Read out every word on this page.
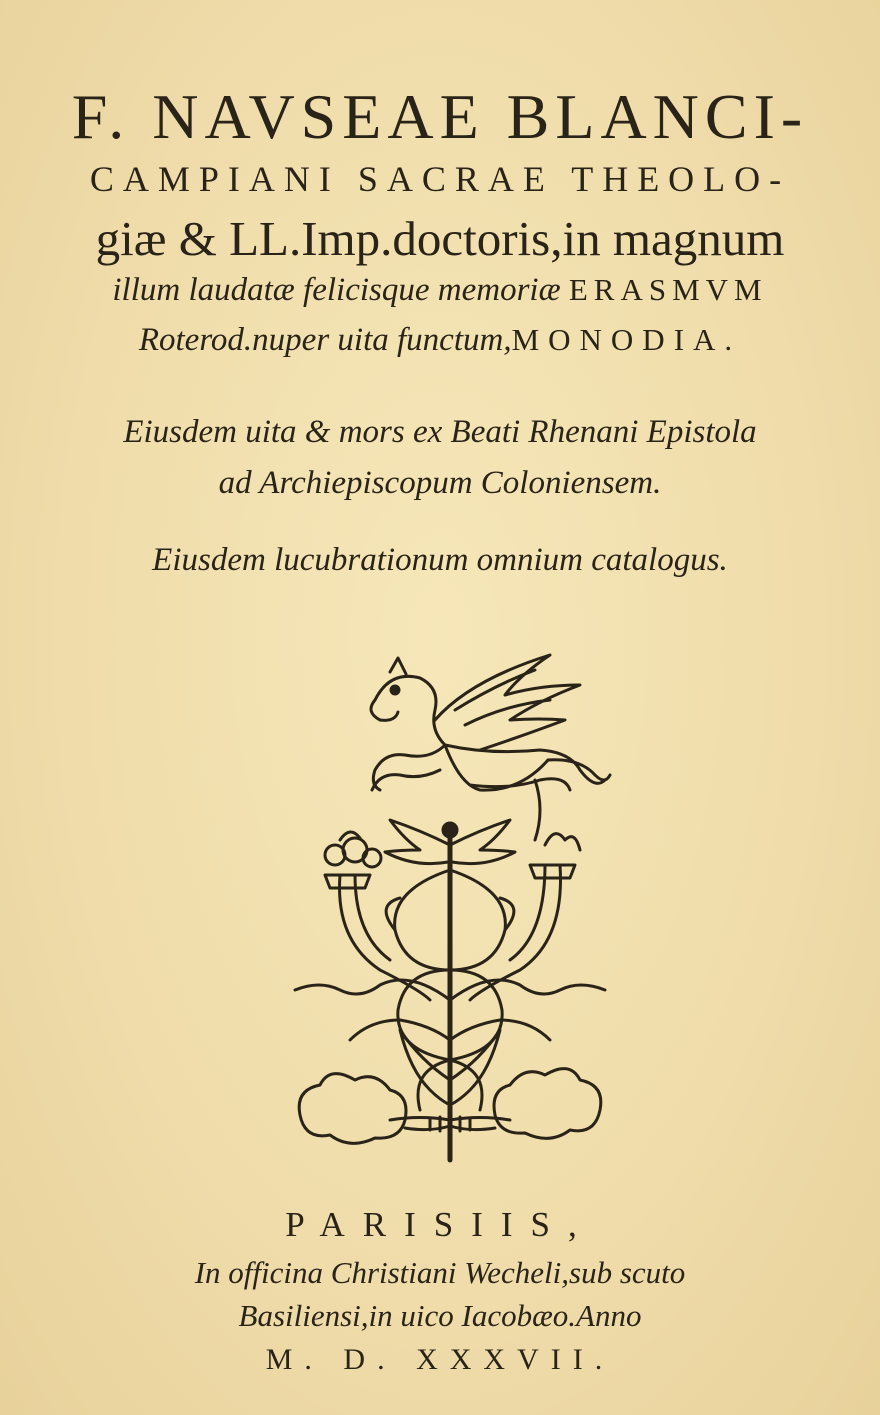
F. NAVSEAE BLANCI-
CAMPIANI SACRAE THEOLO-
giæ & LL.Imp.doctoris,in magnum
illum laudatæ felicisque memoriæ ERASMVM
Roterod.nuper uita functum,MONODIA.
Eiusdem uita & mors ex Beati Rhenani Epistola
ad Archiepiscopum Coloniensem.
Eiusdem lucubrationum omnium catalogus.
PARISIIS,
In officina Christiani Wecheli,sub scuto
Basiliensi,in uico Iacobæo.Anno
M. D. XXXVII.
